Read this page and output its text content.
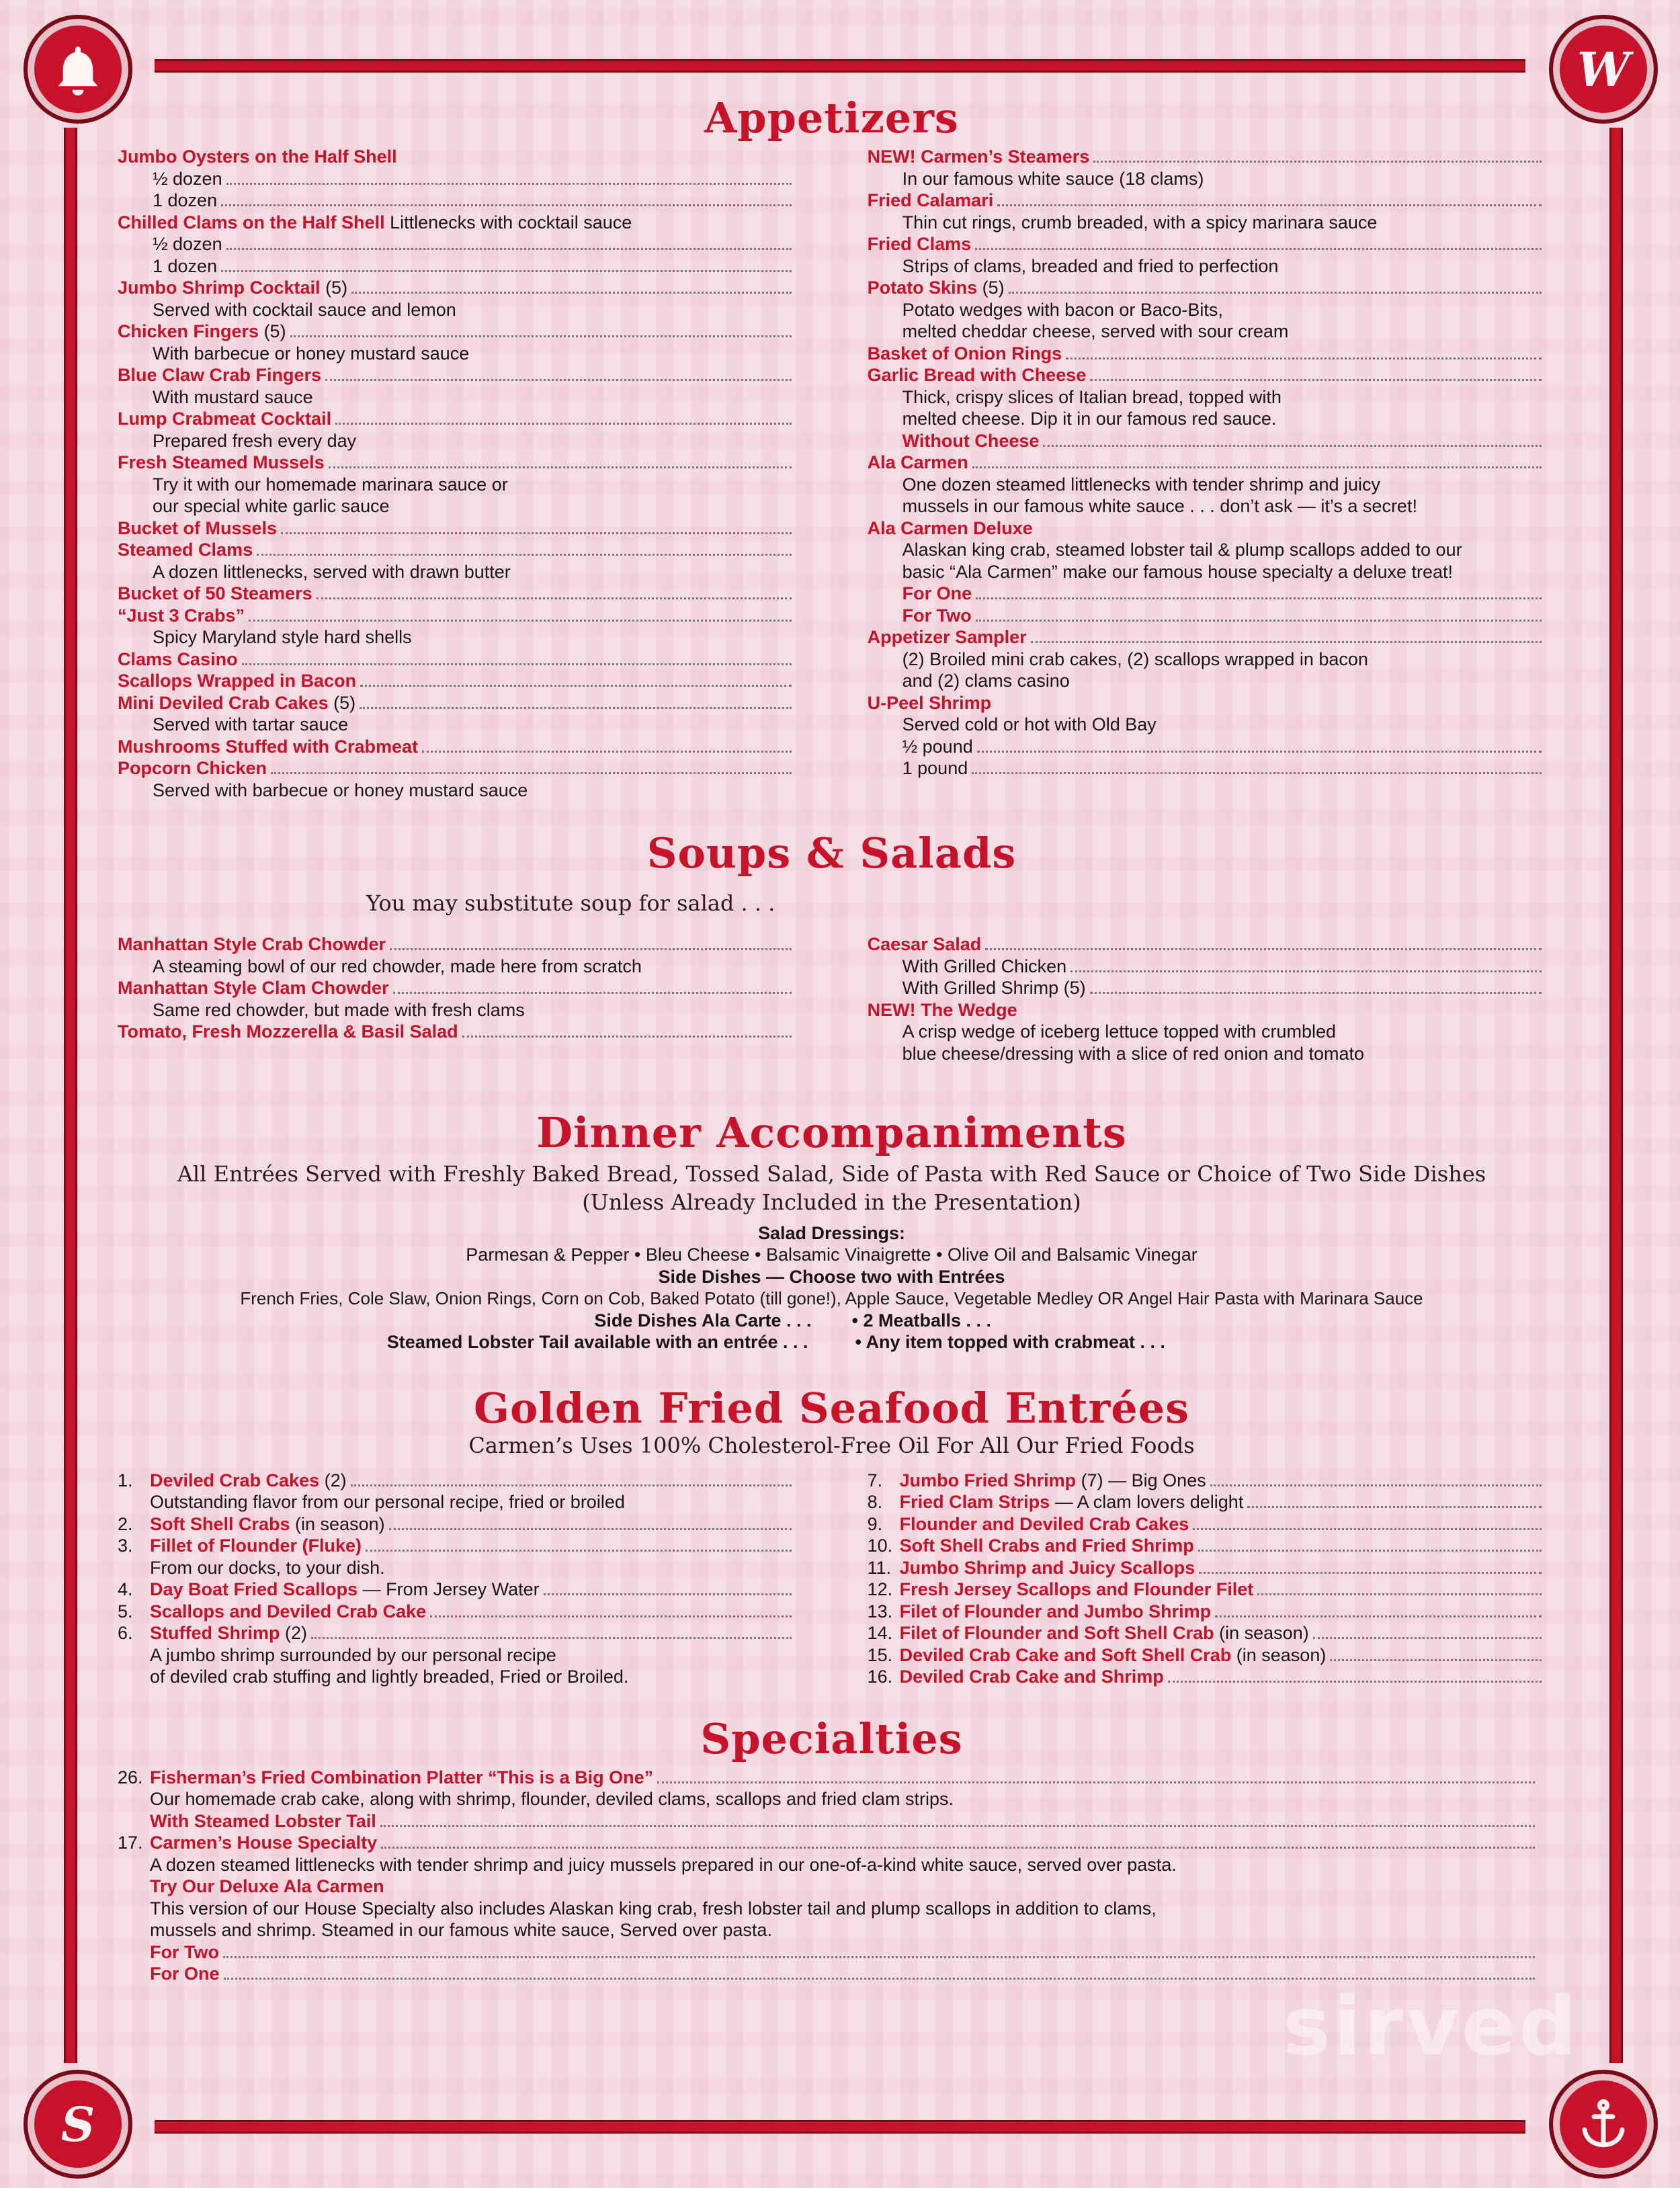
W
S
sirved
Appetizers
Jumbo Oysters on the Half Shell
½ dozen
1 dozen
Chilled Clams on the Half Shell Littlenecks with cocktail sauce
½ dozen
1 dozen
Jumbo Shrimp Cocktail (5)
Served with cocktail sauce and lemon
Chicken Fingers (5)
With barbecue or honey mustard sauce
Blue Claw Crab Fingers
With mustard sauce
Lump Crabmeat Cocktail
Prepared fresh every day
Fresh Steamed Mussels
Try it with our homemade marinara sauce or
our special white garlic sauce
Bucket of Mussels
Steamed Clams
A dozen littlenecks, served with drawn butter
Bucket of 50 Steamers
“Just 3 Crabs”
Spicy Maryland style hard shells
Clams Casino
Scallops Wrapped in Bacon
Mini Deviled Crab Cakes (5)
Served with tartar sauce
Mushrooms Stuffed with Crabmeat
Popcorn Chicken
Served with barbecue or honey mustard sauce
NEW! Carmen’s Steamers
In our famous white sauce (18 clams)
Fried Calamari
Thin cut rings, crumb breaded, with a spicy marinara sauce
Fried Clams
Strips of clams, breaded and fried to perfection
Potato Skins (5)
Potato wedges with bacon or Baco-Bits,
melted cheddar cheese, served with sour cream
Basket of Onion Rings
Garlic Bread with Cheese
Thick, crispy slices of Italian bread, topped with
melted cheese. Dip it in our famous red sauce.
Without Cheese
Ala Carmen
One dozen steamed littlenecks with tender shrimp and juicy
mussels in our famous white sauce . . . don’t ask — it’s a secret!
Ala Carmen Deluxe
Alaskan king crab, steamed lobster tail & plump scallops added to our
basic “Ala Carmen” make our famous house specialty a deluxe treat!
For One
For Two
Appetizer Sampler
(2) Broiled mini crab cakes, (2) scallops wrapped in bacon
and (2) clams casino
U-Peel Shrimp
Served cold or hot with Old Bay
½ pound
1 pound
Soups & Salads
You may substitute soup for salad . . .
Manhattan Style Crab Chowder
A steaming bowl of our red chowder, made here from scratch
Manhattan Style Clam Chowder
Same red chowder, but made with fresh clams
Tomato, Fresh Mozzerella & Basil Salad
Caesar Salad
With Grilled Chicken
With Grilled Shrimp (5)
NEW! The Wedge
A crisp wedge of iceberg lettuce topped with crumbled
blue cheese/dressing with a slice of red onion and tomato
Dinner Accompaniments
All Entrées Served with Freshly Baked Bread, Tossed Salad, Side of Pasta with Red Sauce or Choice of Two Side Dishes
(Unless Already Included in the Presentation)
Salad Dressings:
Parmesan & Pepper • Bleu Cheese • Balsamic Vinaigrette • Olive Oil and Balsamic Vinegar
Side Dishes — Choose two with Entrées
French Fries, Cole Slaw, Onion Rings, Corn on Cob, Baked Potato (till gone!), Apple Sauce, Vegetable Medley OR Angel Hair Pasta with Marinara Sauce
Side Dishes Ala Carte . . .	• 2 Meatballs . . .
Steamed Lobster Tail available with an entrée . . .	• Any item topped with crabmeat . . .
Golden Fried Seafood Entrées
Carmen’s Uses 100% Cholesterol-Free Oil For All Our Fried Foods
1. Deviled Crab Cakes (2)
Outstanding flavor from our personal recipe, fried or broiled
2. Soft Shell Crabs (in season)
3. Fillet of Flounder (Fluke)
From our docks, to your dish.
4. Day Boat Fried Scallops — From Jersey Water
5. Scallops and Deviled Crab Cake
6. Stuffed Shrimp (2)
A jumbo shrimp surrounded by our personal recipe
of deviled crab stuffing and lightly breaded, Fried or Broiled.
7. Jumbo Fried Shrimp (7) — Big Ones
8. Fried Clam Strips — A clam lovers delight
9. Flounder and Deviled Crab Cakes
10. Soft Shell Crabs and Fried Shrimp
11. Jumbo Shrimp and Juicy Scallops
12. Fresh Jersey Scallops and Flounder Filet
13. Filet of Flounder and Jumbo Shrimp
14. Filet of Flounder and Soft Shell Crab (in season)
15. Deviled Crab Cake and Soft Shell Crab (in season)
16. Deviled Crab Cake and Shrimp
Specialties
26. Fisherman’s Fried Combination Platter “This is a Big One”
Our homemade crab cake, along with shrimp, flounder, deviled clams, scallops and fried clam strips.
With Steamed Lobster Tail
17. Carmen’s House Specialty
A dozen steamed littlenecks with tender shrimp and juicy mussels prepared in our one-of-a-kind white sauce, served over pasta.
Try Our Deluxe Ala Carmen
This version of our House Specialty also includes Alaskan king crab, fresh lobster tail and plump scallops in addition to clams,
mussels and shrimp. Steamed in our famous white sauce, Served over pasta.
For Two
For One
